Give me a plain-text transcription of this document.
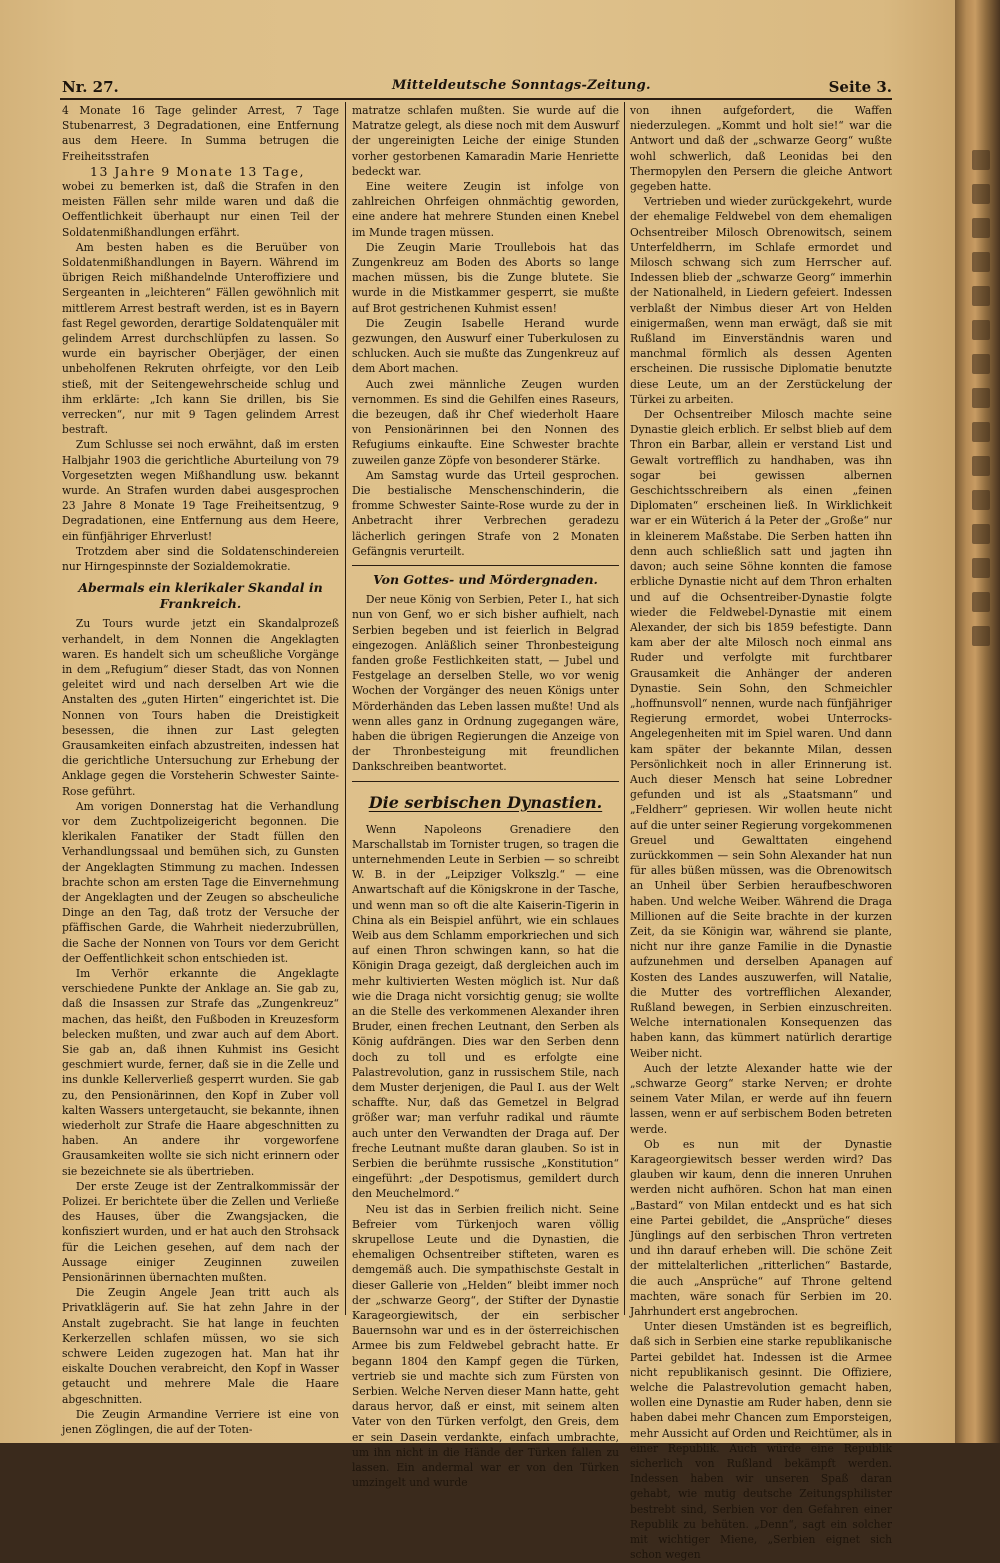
Nr. 27.	Mitteldeutsche Sonntags-Zeitung.	Seite 3.

4 Monate 16 Tage gelinder Arrest, 7 Tage Stubenarrest, 3 Degradationen, eine Entfernung aus dem Heere. In Summa betrugen die Freiheitsstrafen

13 Jahre 9 Monate 13 Tage,

wobei zu bemerken ist, daß die Strafen in den meisten Fällen sehr milde waren und daß die Oeffentlichkeit überhaupt nur einen Teil der Soldatenmißhandlungen erfährt.

Am besten haben es die Beruüber von Soldatenmißhandlungen in Bayern. Während im übrigen Reich mißhandelnde Unteroffiziere und Sergeanten in „leichteren“ Fällen gewöhnlich mit mittlerem Arrest bestraft werden, ist es in Bayern fast Regel geworden, derartige Soldatenquäler mit gelindem Arrest durchschlüpfen zu lassen. So wurde ein bayrischer Oberjäger, der einen unbeholfenen Rekruten ohrfeigte, vor den Leib stieß, mit der Seitengewehrscheide schlug und ihm erklärte: „Ich kann Sie drillen, bis Sie verrecken“, nur mit 9 Tagen gelindem Arrest bestraft.

Zum Schlusse sei noch erwähnt, daß im ersten Halbjahr 1903 die gerichtliche Aburteilung von 79 Vorgesetzten wegen Mißhandlung usw. bekannt wurde. An Strafen wurden dabei ausgesprochen 23 Jahre 8 Monate 19 Tage Freiheitsentzug, 9 Degradationen, eine Entfernung aus dem Heere, ein fünfjähriger Ehrverlust!

Trotzdem aber sind die Soldatenschindereien nur Hirngespinnste der Sozialdemokratie.

Abermals ein klerikaler Skandal in Frankreich.

Zu Tours wurde jetzt ein Skandalprozeß verhandelt, in dem Nonnen die Angeklagten waren. Es handelt sich um scheußliche Vorgänge in dem „Refugium“ dieser Stadt, das von Nonnen geleitet wird und nach derselben Art wie die Anstalten des „guten Hirten“ eingerichtet ist. Die Nonnen von Tours haben die Dreistigkeit besessen, die ihnen zur Last gelegten Grausamkeiten einfach abzustreiten, indessen hat die gerichtliche Untersuchung zur Erhebung der Anklage gegen die Vorsteherin Schwester Sainte-Rose geführt.

Am vorigen Donnerstag hat die Verhandlung vor dem Zuchtpolizeigericht begonnen. Die klerikalen Fanatiker der Stadt füllen den Verhandlungssaal und bemühen sich, zu Gunsten der Angeklagten Stimmung zu machen. Indessen brachte schon am ersten Tage die Einvernehmung der Angeklagten und der Zeugen so abscheuliche Dinge an den Tag, daß trotz der Versuche der pfäffischen Garde, die Wahrheit niederzubrüllen, die Sache der Nonnen von Tours vor dem Gericht der Oeffentlichkeit schon entschieden ist.

Im Verhör erkannte die Angeklagte verschiedene Punkte der Anklage an. Sie gab zu, daß die Insassen zur Strafe das „Zungenkreuz“ machen, das heißt, den Fußboden in Kreuzesform belecken mußten, und zwar auch auf dem Abort. Sie gab an, daß ihnen Kuhmist ins Gesicht geschmiert wurde, ferner, daß sie in die Zelle und ins dunkle Kellerverließ gesperrt wurden. Sie gab zu, den Pensionärinnen, den Kopf in Zuber voll kalten Wassers untergetaucht, sie bekannte, ihnen wiederholt zur Strafe die Haare abgeschnitten zu haben. An andere ihr vorgeworfene Grausamkeiten wollte sie sich nicht erinnern oder sie bezeichnete sie als übertrieben.

Der erste Zeuge ist der Zentralkommissär der Polizei. Er berichtete über die Zellen und Verließe des Hauses, über die Zwangsjacken, die konfisziert wurden, und er hat auch den Strohsack für die Leichen gesehen, auf dem nach der Aussage einiger Zeuginnen zuweilen Pensionärinnen übernachten mußten.

Die Zeugin Angele Jean tritt auch als Privatklägerin auf. Sie hat zehn Jahre in der Anstalt zugebracht. Sie hat lange in feuchten Kerkerzellen schlafen müssen, wo sie sich schwere Leiden zugezogen hat. Man hat ihr eiskalte Douchen verabreicht, den Kopf in Wasser getaucht und mehrere Male die Haare abgeschnitten.

Die Zeugin Armandine Verriere ist eine von jenen Zöglingen, die auf der Toten-

matratze schlafen mußten. Sie wurde auf die Matratze gelegt, als diese noch mit dem Auswurf der ungereinigten Leiche der einige Stunden vorher gestorbenen Kamaradin Marie Henriette bedeckt war.

Eine weitere Zeugin ist infolge von zahlreichen Ohrfeigen ohnmächtig geworden, eine andere hat mehrere Stunden einen Knebel im Munde tragen müssen.

Die Zeugin Marie Troullebois hat das Zungenkreuz am Boden des Aborts so lange machen müssen, bis die Zunge blutete. Sie wurde in die Mistkammer gesperrt, sie mußte auf Brot gestrichenen Kuhmist essen!

Die Zeugin Isabelle Herand wurde gezwungen, den Auswurf einer Tuberkulosen zu schlucken. Auch sie mußte das Zungenkreuz auf dem Abort machen.

Auch zwei männliche Zeugen wurden vernommen. Es sind die Gehilfen eines Raseurs, die bezeugen, daß ihr Chef wiederholt Haare von Pensionärinnen bei den Nonnen des Refugiums einkaufte. Eine Schwester brachte zuweilen ganze Zöpfe von besonderer Stärke.

Am Samstag wurde das Urteil gesprochen. Die bestialische Menschenschinderin, die fromme Schwester Sainte-Rose wurde zu der in Anbetracht ihrer Verbrechen geradezu lächerlich geringen Strafe von 2 Monaten Gefängnis verurteilt.

Von Gottes- und Mördergnaden.

Der neue König von Serbien, Peter I., hat sich nun von Genf, wo er sich bisher aufhielt, nach Serbien begeben und ist feierlich in Belgrad eingezogen. Anläßlich seiner Thronbesteigung fanden große Festlichkeiten statt, — Jubel und Festgelage an derselben Stelle, wo vor wenig Wochen der Vorgänger des neuen Königs unter Mörderhänden das Leben lassen mußte! Und als wenn alles ganz in Ordnung zugegangen wäre, haben die übrigen Regierungen die Anzeige von der Thronbesteigung mit freundlichen Dankschreiben beantwortet.

Die serbischen Dynastien.

Wenn Napoleons Grenadiere den Marschallstab im Tornister trugen, so tragen die unternehmenden Leute in Serbien — so schreibt W. B. in der „Leipziger Volkszlg.“ — eine Anwartschaft auf die Königskrone in der Tasche, und wenn man so oft die alte Kaiserin-Tigerin in China als ein Beispiel anführt, wie ein schlaues Weib aus dem Schlamm emporkriechen und sich auf einen Thron schwingen kann, so hat die Königin Draga gezeigt, daß dergleichen auch im mehr kultivierten Westen möglich ist. Nur daß wie die Draga nicht vorsichtig genug; sie wollte an die Stelle des verkommenen Alexander ihren Bruder, einen frechen Leutnant, den Serben als König aufdrängen. Dies war den Serben denn doch zu toll und es erfolgte eine Palastrevolution, ganz in russischem Stile, nach dem Muster derjenigen, die Paul I. aus der Welt schaffte. Nur, daß das Gemetzel in Belgrad größer war; man verfuhr radikal und räumte auch unter den Verwandten der Draga auf. Der freche Leutnant mußte daran glauben. So ist in Serbien die berühmte russische „Konstitution“ eingeführt: „der Despotismus, gemildert durch den Meuchelmord.“

Neu ist das in Serbien freilich nicht. Seine Befreier vom Türkenjoch waren völlig skrupellose Leute und die Dynastien, die ehemaligen Ochsentreiber stifteten, waren es demgemäß auch. Die sympathischste Gestalt in dieser Gallerie von „Helden“ bleibt immer noch der „schwarze Georg“, der Stifter der Dynastie Karageorgiewitsch, der ein serbischer Bauernsohn war und es in der österreichischen Armee bis zum Feldwebel gebracht hatte. Er begann 1804 den Kampf gegen die Türken, vertrieb sie und machte sich zum Fürsten von Serbien. Welche Nerven dieser Mann hatte, geht daraus hervor, daß er einst, mit seinem alten Vater von den Türken verfolgt, den Greis, dem er sein Dasein verdankte, einfach umbrachte, um ihn nicht in die Hände der Türken fallen zu lassen. Ein andermal war er von den Türken umzingelt und wurde

von ihnen aufgefordert, die Waffen niederzulegen. „Kommt und holt sie!“ war die Antwort und daß der „schwarze Georg“ wußte wohl schwerlich, daß Leonidas bei den Thermopylen den Persern die gleiche Antwort gegeben hatte.

Vertrieben und wieder zurückgekehrt, wurde der ehemalige Feldwebel von dem ehemaligen Ochsentreiber Milosch Obrenowitsch, seinem Unterfeldherrn, im Schlafe ermordet und Milosch schwang sich zum Herrscher auf. Indessen blieb der „schwarze Georg“ immerhin der Nationalheld, in Liedern gefeiert. Indessen verblaßt der Nimbus dieser Art von Helden einigermaßen, wenn man erwägt, daß sie mit Rußland im Einverständnis waren und manchmal förmlich als dessen Agenten erscheinen. Die russische Diplomatie benutzte diese Leute, um an der Zerstückelung der Türkei zu arbeiten.

Der Ochsentreiber Milosch machte seine Dynastie gleich erblich. Er selbst blieb auf dem Thron ein Barbar, allein er verstand List und Gewalt vortrefflich zu handhaben, was ihn sogar bei gewissen albernen Geschichtsschreibern als einen „feinen Diplomaten“ erscheinen ließ. In Wirklichkeit war er ein Wüterich á la Peter der „Große“ nur in kleinerem Maßstabe. Die Serben hatten ihn denn auch schließlich satt und jagten ihn davon; auch seine Söhne konnten die famose erbliche Dynastie nicht auf dem Thron erhalten und auf die Ochsentreiber-Dynastie folgte wieder die Feldwebel-Dynastie mit einem Alexander, der sich bis 1859 befestigte. Dann kam aber der alte Milosch noch einmal ans Ruder und verfolgte mit furchtbarer Grausamkeit die Anhänger der anderen Dynastie. Sein Sohn, den Schmeichler „hoffnunsvoll“ nennen, wurde nach fünfjähriger Regierung ermordet, wobei Unterrocks-Angelegenheiten mit im Spiel waren. Und dann kam später der bekannte Milan, dessen Persönlichkeit noch in aller Erinnerung ist. Auch dieser Mensch hat seine Lobredner gefunden und ist als „Staatsmann“ und „Feldherr“ gepriesen. Wir wollen heute nicht auf die unter seiner Regierung vorgekommenen Greuel und Gewalttaten eingehend zurückkommen — sein Sohn Alexander hat nun für alles büßen müssen, was die Obrenowitsch an Unheil über Serbien heraufbeschworen haben. Und welche Weiber. Während die Draga Millionen auf die Seite brachte in der kurzen Zeit, da sie Königin war, während sie plante, nicht nur ihre ganze Familie in die Dynastie aufzunehmen und derselben Apanagen auf Kosten des Landes auszuwerfen, will Natalie, die Mutter des vortrefflichen Alexander, Rußland bewegen, in Serbien einzuschreiten. Welche internationalen Konsequenzen das haben kann, das kümmert natürlich derartige Weiber nicht.

Auch der letzte Alexander hatte wie der „schwarze Georg“ starke Nerven; er drohte seinem Vater Milan, er werde auf ihn feuern lassen, wenn er auf serbischem Boden betreten werde.

Ob es nun mit der Dynastie Karageorgiewitsch besser werden wird? Das glauben wir kaum, denn die inneren Unruhen werden nicht aufhören. Schon hat man einen „Bastard“ von Milan entdeckt und es hat sich eine Partei gebildet, die „Ansprüche“ dieses Jünglings auf den serbischen Thron vertreten und ihn darauf erheben will. Die schöne Zeit der mittelalterlichen „ritterlichen“ Bastarde, die auch „Ansprüche“ auf Throne geltend machten, wäre sonach für Serbien im 20. Jahrhundert erst angebrochen.

Unter diesen Umständen ist es begreiflich, daß sich in Serbien eine starke republikanische Partei gebildet hat. Indessen ist die Armee nicht republikanisch gesinnt. Die Offiziere, welche die Palastrevolution gemacht haben, wollen eine Dynastie am Ruder haben, denn sie haben dabei mehr Chancen zum Emporsteigen, mehr Aussicht auf Orden und Reichtümer, als in einer Republik. Auch würde eine Republik sicherlich von Rußland bekämpft werden. Indessen haben wir unseren Spaß daran gehabt, wie mutig deutsche Zeitungsphilister bestrebt sind, Serbien vor den Gefahren einer Republik zu behüten. „Denn“, sagt ein solcher mit wichtiger Miene, „Serbien eignet sich schon wegen
